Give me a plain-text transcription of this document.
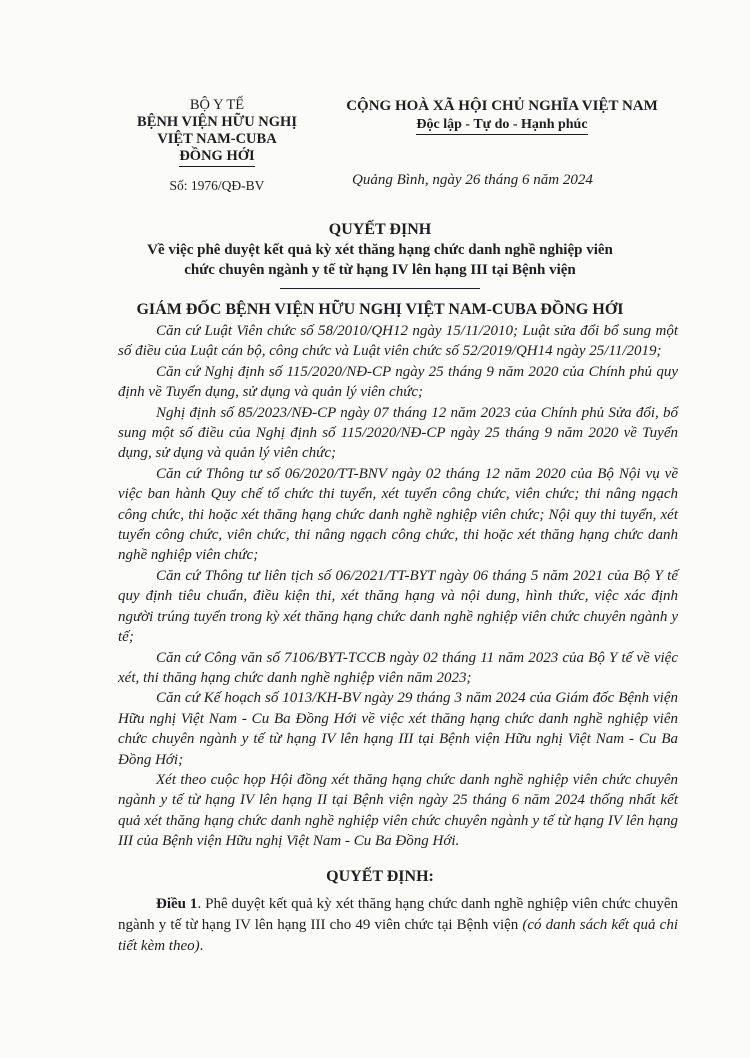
BỘ Y TẾ
BỆNH VIỆN HỮU NGHỊ
VIỆT NAM-CUBA
ĐỒNG HỚI
Số: 1976/QĐ-BV
CỘNG HOÀ XÃ HỘI CHỦ NGHĨA VIỆT NAM
Độc lập - Tự do - Hạnh phúc
Quảng Bình, ngày 26 tháng 6 năm 2024
QUYẾT ĐỊNH
Về việc phê duyệt kết quả kỳ xét thăng hạng chức danh nghề nghiệp viên
chức chuyên ngành y tế từ hạng IV lên hạng III tại Bệnh viện
GIÁM ĐỐC BỆNH VIỆN HỮU NGHỊ VIỆT NAM-CUBA ĐỒNG HỚI

Căn cứ Luật Viên chức số 58/2010/QH12 ngày 15/11/2010; Luật sửa đổi bổ sung một số điều của Luật cán bộ, công chức và Luật viên chức số 52/2019/QH14 ngày 25/11/2019;

Căn cứ Nghị định số 115/2020/NĐ-CP ngày 25 tháng 9 năm 2020 của Chính phủ quy định về Tuyển dụng, sử dụng và quản lý viên chức;

Nghị định số 85/2023/NĐ-CP ngày 07 tháng 12 năm 2023 của Chính phủ Sửa đổi, bổ sung một số điều của Nghị định số 115/2020/NĐ-CP ngày 25 tháng 9 năm 2020 về Tuyển dụng, sử dụng và quản lý viên chức;

Căn cứ Thông tư số 06/2020/TT-BNV ngày 02 tháng 12 năm 2020 của Bộ Nội vụ về việc ban hành Quy chế tổ chức thi tuyển, xét tuyển công chức, viên chức; thi nâng ngạch công chức, thi hoặc xét thăng hạng chức danh nghề nghiệp viên chức; Nội quy thi tuyển, xét tuyển công chức, viên chức, thi nâng ngạch công chức, thi hoặc xét thăng hạng chức danh nghề nghiệp viên chức;

Căn cứ Thông tư liên tịch số 06/2021/TT-BYT ngày 06 tháng 5 năm 2021 của Bộ Y tế quy định tiêu chuẩn, điều kiện thi, xét thăng hạng và nội dung, hình thức, việc xác định người trúng tuyển trong kỳ xét thăng hạng chức danh nghề nghiệp viên chức chuyên ngành y tế;

Căn cứ Công văn số 7106/BYT-TCCB ngày 02 tháng 11 năm 2023 của Bộ Y tế về việc xét, thi thăng hạng chức danh nghề nghiệp viên năm 2023;

Căn cứ Kế hoạch số 1013/KH-BV ngày 29 tháng 3 năm 2024 của Giám đốc Bệnh viện Hữu nghị Việt Nam - Cu Ba Đồng Hới về việc xét thăng hạng chức danh nghề nghiệp viên chức chuyên ngành y tế từ hạng IV lên hạng III tại Bệnh viện Hữu nghị Việt Nam - Cu Ba Đồng Hới;

Xét theo cuộc họp Hội đồng xét thăng hạng chức danh nghề nghiệp viên chức chuyên ngành y tế từ hạng IV lên hạng II tại Bệnh viện ngày 25 tháng 6 năm 2024 thống nhất kết quả xét thăng hạng chức danh nghề nghiệp viên chức chuyên ngành y tế từ hạng IV lên hạng III của Bệnh viện Hữu nghị Việt Nam - Cu Ba Đồng Hới.

QUYẾT ĐỊNH:

Điều 1. Phê duyệt kết quả kỳ xét thăng hạng chức danh nghề nghiệp viên chức chuyên ngành y tế từ hạng IV lên hạng III cho 49 viên chức tại Bệnh viện (có danh sách kết quả chi tiết kèm theo).
